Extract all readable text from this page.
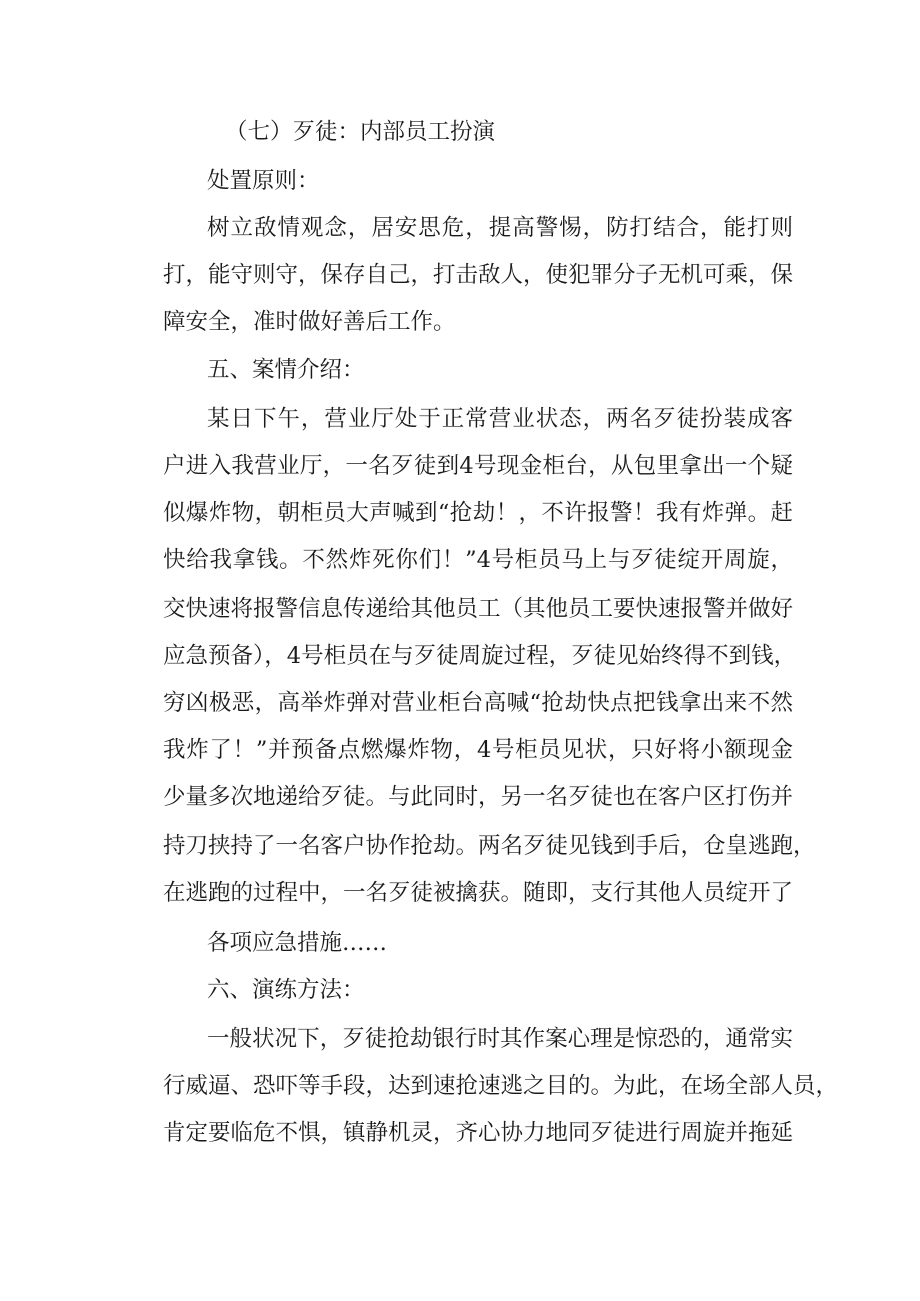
（七）歹徒：内部员工扮演
处置原则：
树立敌情观念，居安思危，提高警惕，防打结合，能打则
打，能守则守，保存自己，打击敌人，使犯罪分子无机可乘，保
障安全，准时做好善后工作。
五、案情介绍：
某日下午，营业厅处于正常营业状态，两名歹徒扮装成客
户进入我营业厅，一名歹徒到4号现金柜台，从包里拿出一个疑
似爆炸物，朝柜员大声喊到“抢劫！，不许报警！我有炸弹。赶
快给我拿钱。不然炸死你们！”4号柜员马上与歹徒绽开周旋，
交快速将报警信息传递给其他员工（其他员工要快速报警并做好
应急预备），4号柜员在与歹徒周旋过程，歹徒见始终得不到钱，
穷凶极恶，高举炸弹对营业柜台高喊“抢劫快点把钱拿出来不然
我炸了！”并预备点燃爆炸物，4号柜员见状，只好将小额现金
少量多次地递给歹徒。与此同时，另一名歹徒也在客户区打伤并
持刀挟持了一名客户协作抢劫。两名歹徒见钱到手后，仓皇逃跑，
在逃跑的过程中，一名歹徒被擒获。随即，支行其他人员绽开了
各项应急措施……
六、演练方法：
一般状况下，歹徒抢劫银行时其作案心理是惊恐的，通常实
行威逼、恐吓等手段，达到速抢速逃之目的。为此，在场全部人员，
肯定要临危不惧，镇静机灵，齐心协力地同歹徒进行周旋并拖延
